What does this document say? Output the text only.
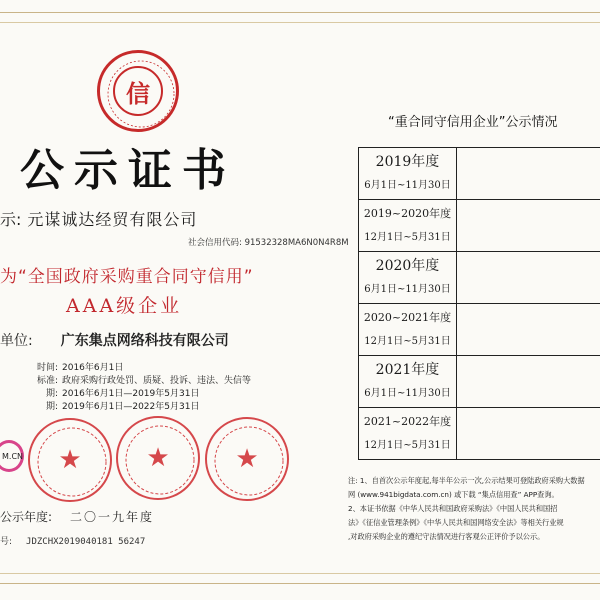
信
公示证书
示: 元谋诚达经贸有限公司
社会信用代码: 91532328MA6N0N4R8M
为“全国政府采购重合同守信用”
AAA级企业
单位: 广东集点网络科技有限公司
时间: 2016年6月1日
标准: 政府采购行政处罚、质疑、投诉、违法、失信等
期: 2016年6月1日—2019年5月31日
期: 2019年6月1日—2022年5月31日
M.CN ★ ★	★
公示年度: 二〇一九年度
号: JDZCHX2019040181 56247
“重合同守信用企业”公示情况
2019年度
6月1日~11月30日	

2019~2020年度
12月1日~5月31日	

2020年度
6月1日~11月30日	

2020~2021年度
12月1日~5月31日	

2021年度
6月1日~11月30日	

2021~2022年度
12月1日~5月31日	

注: 1、自首次公示年度起,每半年公示一次,公示结果可登陆政府采购大数据

网 (www.941bigdata.com.cn) 或下载 “集点信用查” APP查询。

2、本证书依据《中华人民共和国政府采购法》《中国人民共和国招

法》《征信业管理条例》《中华人民共和国网络安全法》等相关行业规

,对政府采购企业的遵纪守法情况进行客观公正评价予以公示。
